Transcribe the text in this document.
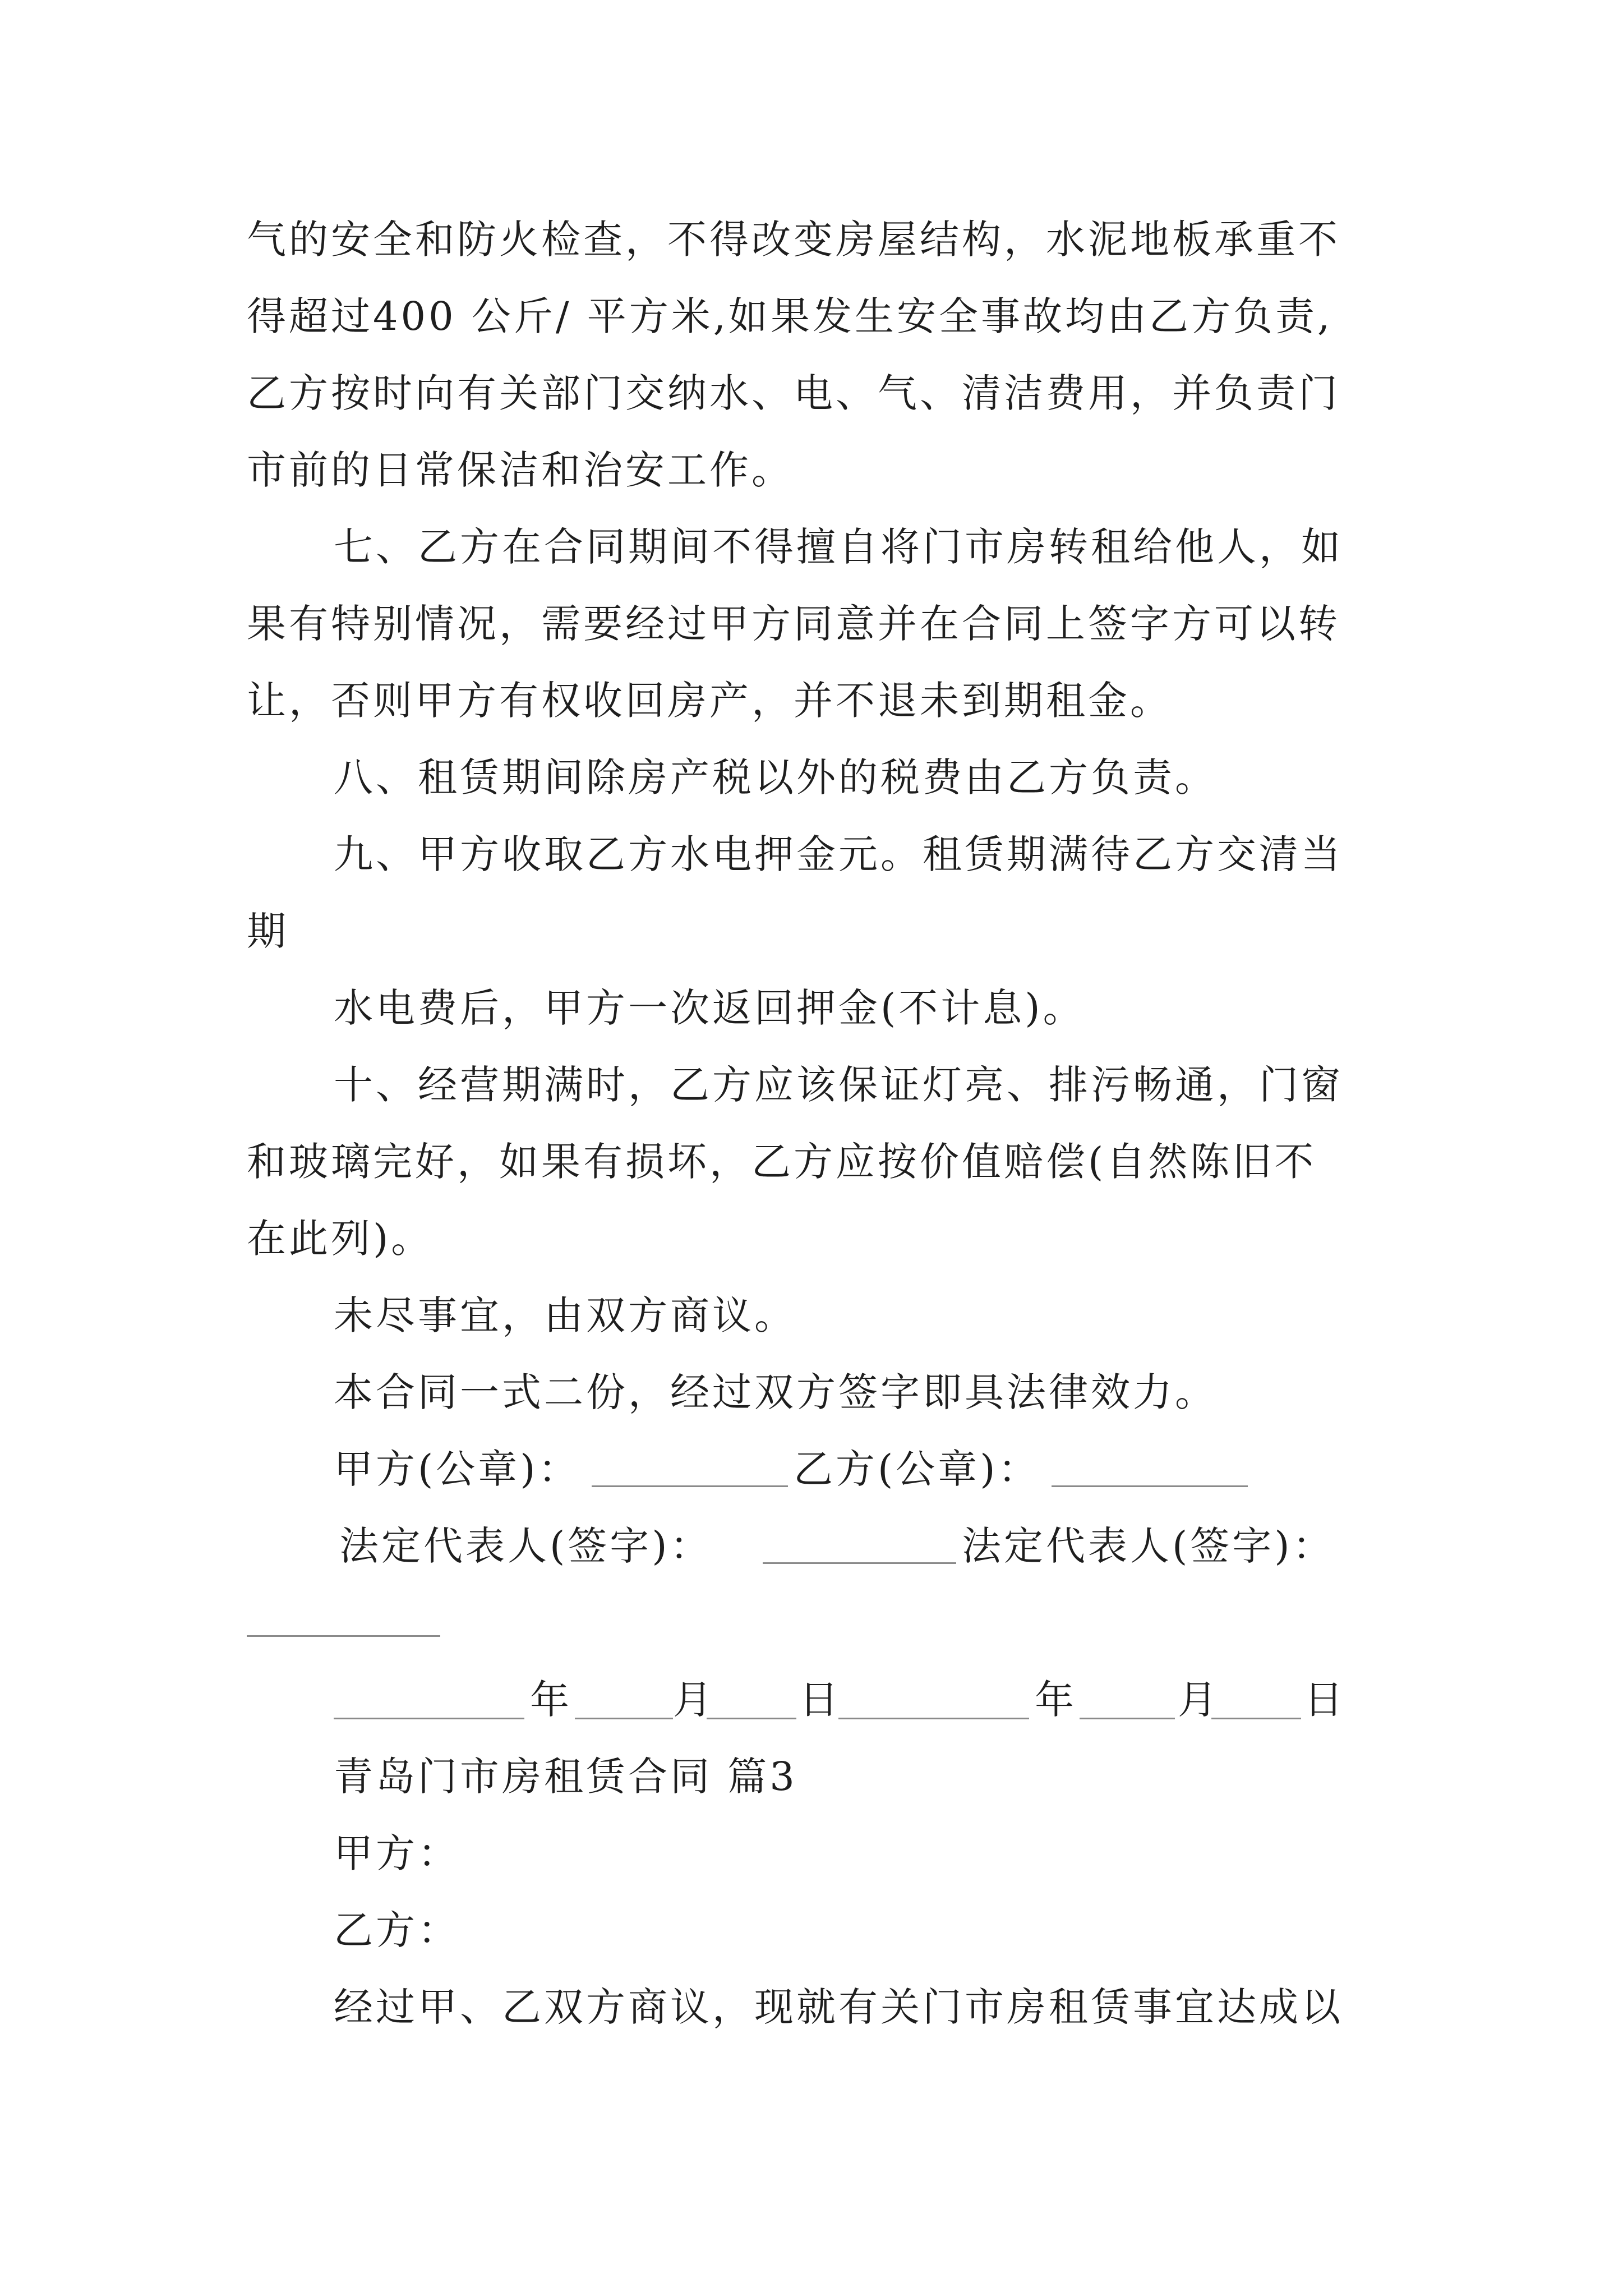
气的安全和防火检查，不得改变房屋结构，水泥地板承重不
得超过400 公斤/ 平方米,如果发生安全事故均由乙方负责,
乙方按时向有关部门交纳水、电、气、清洁费用，并负责门
市前的日常保洁和治安工作。
七、乙方在合同期间不得擅自将门市房转租给他人，如
果有特别情况，需要经过甲方同意并在合同上签字方可以转
让，否则甲方有权收回房产，并不退未到期租金。
八、租赁期间除房产税以外的税费由乙方负责。
九、甲方收取乙方水电押金元。租赁期满待乙方交清当
期
水电费后，甲方一次返回押金(不计息)。
十、经营期满时，乙方应该保证灯亮、排污畅通，门窗
和玻璃完好，如果有损坏，乙方应按价值赔偿(自然陈旧不
在此列)。
未尽事宜，由双方商议。
本合同一式二份，经过双方签字即具法律效力。
甲方(公章)：	乙方(公章)：
法定代表人(签字)：	法定代表人(签字)：
年	月 日	年	月 日
青岛门市房租赁合同 篇3
甲方：
乙方：
经过甲、乙双方商议，现就有关门市房租赁事宜达成以
